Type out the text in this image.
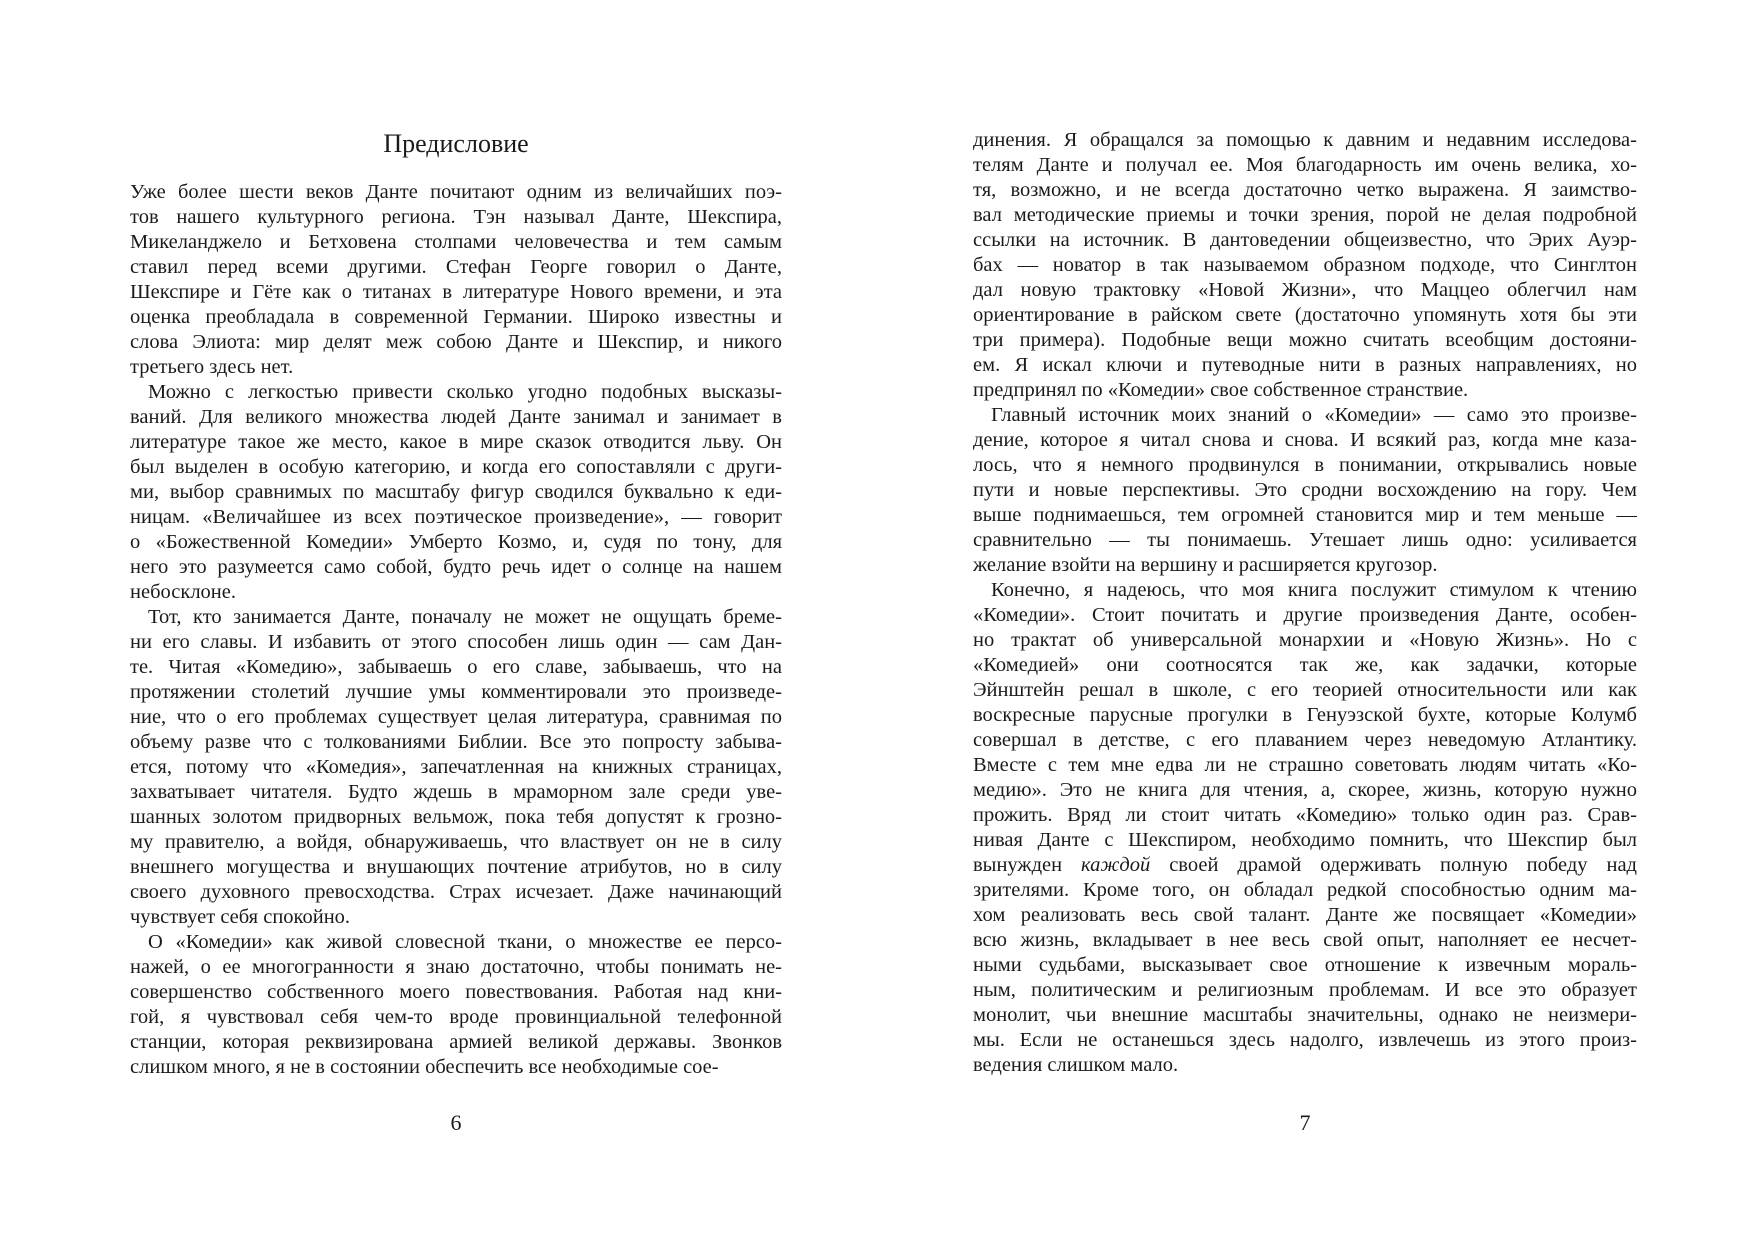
Предисловие

Уже более шести веков Данте почитают одним из величайших поэ-
тов нашего культурного региона. Тэн называл Данте, Шекспира,
Микеланджело и Бетховена столпами человечества и тем самым
ставил перед всеми другими. Стефан Георге говорил о Данте,
Шекспире и Гёте как о титанах в литературе Нового времени, и эта
оценка преобладала в современной Германии. Широко известны и
слова Элиота: мир делят меж собою Данте и Шекспир, и никого
третьего здесь нет.

Можно с легкостью привести сколько угодно подобных высказы-
ваний. Для великого множества людей Данте занимал и занимает в
литературе такое же место, какое в мире сказок отводится льву. Он
был выделен в особую категорию, и когда его сопоставляли с други-
ми, выбор сравнимых по масштабу фигур сводился буквально к еди-
ницам. «Величайшее из всех поэтическое произведение», — говорит
о «Божественной Комедии» Умберто Козмо, и, судя по тону, для
него это разумеется само собой, будто речь идет о солнце на нашем
небосклоне.

Тот, кто занимается Данте, поначалу не может не ощущать бреме-
ни его славы. И избавить от этого способен лишь один — сам Дан-
те. Читая «Комедию», забываешь о его славе, забываешь, что на
протяжении столетий лучшие умы комментировали это произведе-
ние, что о его проблемах существует целая литература, сравнимая по
объему разве что с толкованиями Библии. Все это попросту забыва-
ется, потому что «Комедия», запечатленная на книжных страницах,
захватывает читателя. Будто ждешь в мраморном зале среди уве-
шанных золотом придворных вельмож, пока тебя допустят к грозно-
му правителю, а войдя, обнаруживаешь, что властвует он не в силу
внешнего могущества и внушающих почтение атрибутов, но в силу
своего духовного превосходства. Страх исчезает. Даже начинающий
чувствует себя спокойно.

О «Комедии» как живой словесной ткани, о множестве ее персо-
нажей, о ее многогранности я знаю достаточно, чтобы понимать не-
совершенство собственного моего повествования. Работая над кни-
гой, я чувствовал себя чем-то вроде провинциальной телефонной
станции, которая реквизирована армией великой державы. Звонков
слишком много, я не в состоянии обеспечить все необходимые сое-

6

динения. Я обращался за помощью к давним и недавним исследова-
телям Данте и получал ее. Моя благодарность им очень велика, хо-
тя, возможно, и не всегда достаточно четко выражена. Я заимство-
вал методические приемы и точки зрения, порой не делая подробной
ссылки на источник. В дантоведении общеизвестно, что Эрих Ауэр-
бах — новатор в так называемом образном подходе, что Синглтон
дал новую трактовку «Новой Жизни», что Маццео облегчил нам
ориентирование в райском свете (достаточно упомянуть хотя бы эти
три примера). Подобные вещи можно считать всеобщим достояни-
ем. Я искал ключи и путеводные нити в разных направлениях, но
предпринял по «Комедии» свое собственное странствие.

Главный источник моих знаний о «Комедии» — само это произве-
дение, которое я читал снова и снова. И всякий раз, когда мне каза-
лось, что я немного продвинулся в понимании, открывались новые
пути и новые перспективы. Это сродни восхождению на гору. Чем
выше поднимаешься, тем огромней становится мир и тем меньше —
сравнительно — ты понимаешь. Утешает лишь одно: усиливается
желание взойти на вершину и расширяется кругозор.

Конечно, я надеюсь, что моя книга послужит стимулом к чтению
«Комедии». Стоит почитать и другие произведения Данте, особен-
но трактат об универсальной монархии и «Новую Жизнь». Но с
«Комедией» они соотносятся так же, как задачки, которые
Эйнштейн решал в школе, с его теорией относительности или как
воскресные парусные прогулки в Генуэзской бухте, которые Колумб
совершал в детстве, с его плаванием через неведомую Атлантику.
Вместе с тем мне едва ли не страшно советовать людям читать «Ко-
медию». Это не книга для чтения, а, скорее, жизнь, которую нужно
прожить. Вряд ли стоит читать «Комедию» только один раз. Срав-
нивая Данте с Шекспиром, необходимо помнить, что Шекспир был
вынужден каждой своей драмой одерживать полную победу над
зрителями. Кроме того, он обладал редкой способностью одним ма-
хом реализовать весь свой талант. Данте же посвящает «Комедии»
всю жизнь, вкладывает в нее весь свой опыт, наполняет ее несчет-
ными судьбами, высказывает свое отношение к извечным мораль-
ным, политическим и религиозным проблемам. И все это образует
монолит, чьи внешние масштабы значительны, однако не неизмери-
мы. Если не останешься здесь надолго, извлечешь из этого произ-
ведения слишком мало.

7
